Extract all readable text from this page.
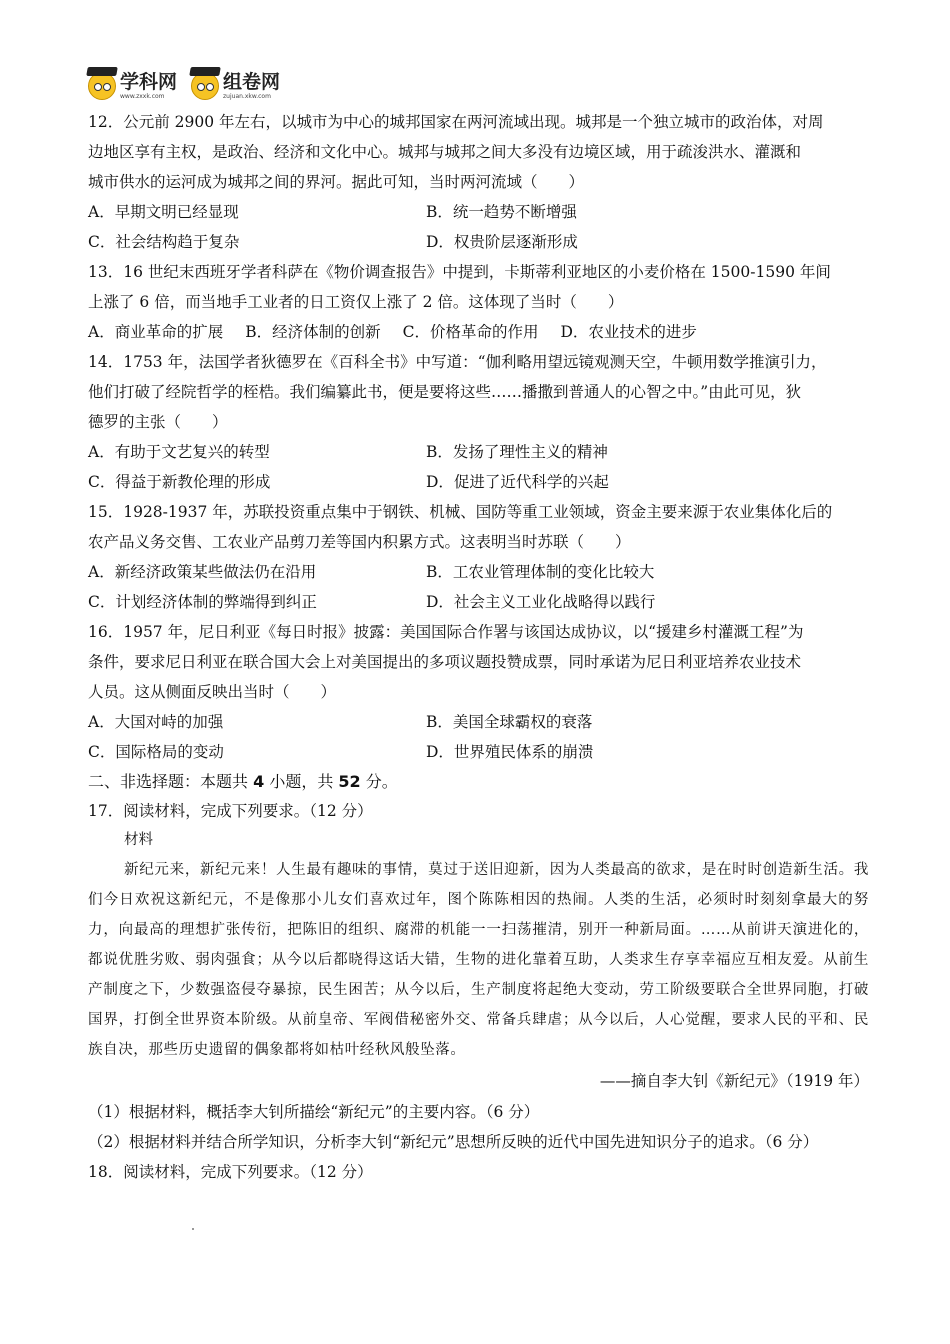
学科网
www.zxxk.com
组卷网
zujuan.xkw.com
12．公元前 2900 年左右，以城市为中心的城邦国家在两河流域出现。城邦是一个独立城市的政治体，对周
边地区享有主权，是政治、经济和文化中心。城邦与城邦之间大多没有边境区域，用于疏浚洪水、灌溉和
城市供水的运河成为城邦之间的界河。据此可知，当时两河流域（　　）
A．早期文明已经显现	B．统一趋势不断增强
C．社会结构趋于复杂	D．权贵阶层逐渐形成
13．16 世纪末西班牙学者科萨在《物价调查报告》中提到，卡斯蒂利亚地区的小麦价格在 1500-1590 年间
上涨了 6 倍，而当地手工业者的日工资仅上涨了 2 倍。这体现了当时（　　）
A．商业革命的扩展 B．经济体制的创新 C．价格革命的作用 D．农业技术的进步
14．1753 年，法国学者狄德罗在《百科全书》中写道：“伽利略用望远镜观测天空，牛顿用数学推演引力，
他们打破了经院哲学的桎梏。我们编纂此书，便是要将这些……播撒到普通人的心智之中。”由此可见，狄
德罗的主张（　　）
A．有助于文艺复兴的转型	B．发扬了理性主义的精神
C．得益于新教伦理的形成	D．促进了近代科学的兴起
15．1928-1937 年，苏联投资重点集中于钢铁、机械、国防等重工业领域，资金主要来源于农业集体化后的
农产品义务交售、工农业产品剪刀差等国内积累方式。这表明当时苏联（　　）
A．新经济政策某些做法仍在沿用	B．工农业管理体制的变化比较大
C．计划经济体制的弊端得到纠正	D．社会主义工业化战略得以践行
16．1957 年，尼日利亚《每日时报》披露：美国国际合作署与该国达成协议，以“援建乡村灌溉工程”为
条件，要求尼日利亚在联合国大会上对美国提出的多项议题投赞成票，同时承诺为尼日利亚培养农业技术
人员。这从侧面反映出当时（　　）
A．大国对峙的加强	B．美国全球霸权的衰落
C．国际格局的变动	D．世界殖民体系的崩溃
二、非选择题：本题共 4 小题，共 52 分。
17．阅读材料，完成下列要求。（12 分）
材料
新纪元来，新纪元来！人生最有趣味的事情，莫过于送旧迎新，因为人类最高的欲求，是在时时创造新生活。我们今日欢祝这新纪元，不是像那小儿女们喜欢过年，图个陈陈相因的热闹。人类的生活，必须时时刻刻拿最大的努力，向最高的理想扩张传衍，把陈旧的组织、腐滞的机能一一扫荡摧清，别开一种新局面。……从前讲天演进化的，都说优胜劣败、弱肉强食；从今以后都晓得这话大错，生物的进化靠着互助，人类求生存享幸福应互相友爱。从前生产制度之下，少数强盗侵夺暴掠，民生困苦；从今以后，生产制度将起绝大变动，劳工阶级要联合全世界同胞，打破国界，打倒全世界资本阶级。从前皇帝、军阀借秘密外交、常备兵肆虐；从今以后，人心觉醒，要求人民的平和、民族自决，那些历史遗留的偶象都将如枯叶经秋风般坠落。
——摘自李大钊《新纪元》（1919 年）
（1）根据材料，概括李大钊所描绘“新纪元”的主要内容。（6 分）
（2）根据材料并结合所学知识，分析李大钊“新纪元”思想所反映的近代中国先进知识分子的追求。（6 分）
18．阅读材料，完成下列要求。（12 分）
